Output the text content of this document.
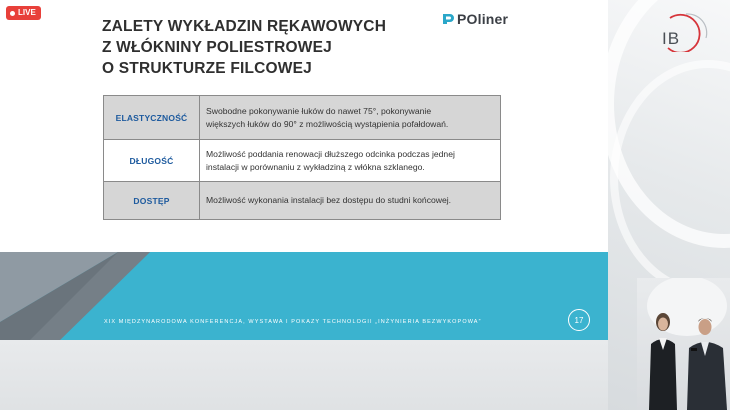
ZALETY WYKŁADZIN RĘKAWOWYCH
Z WŁÓKNINY POLIESTROWEJ
O STRUKTURZE FILCOWEJ
POliner
ELASTYCZNOŚĆ
Swobodne pokonywanie łuków do nawet 75°, pokonywanie
większych łuków do 90° z możliwością wystąpienia pofałdowań.
DŁUGOŚĆ
Możliwość poddania renowacji dłuższego odcinka podczas jednej
instalacji w porównaniu z wykładziną z włókna szklanego.
DOSTĘP	Możliwość wykonania instalacji bez dostępu do studni końcowej.
XIX MIĘDZYNARODOWA KONFERENCJA, WYSTAWA I POKAZY TECHNOLOGII „INŻYNIERIA BEZWYKOPOWA”	17
LIVE
IB
